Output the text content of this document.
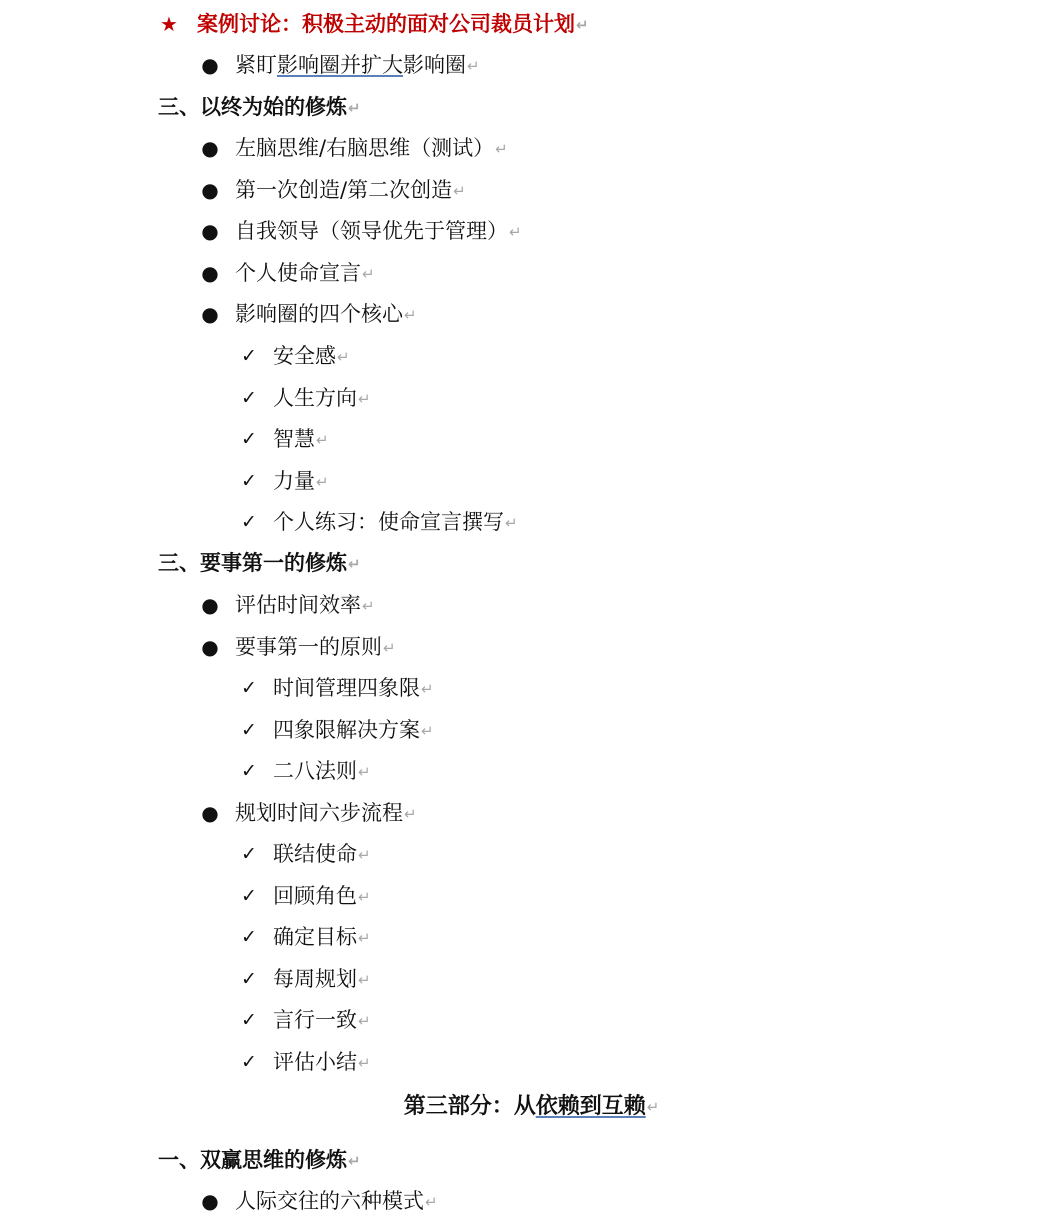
★ 案例讨论：积极主动的面对公司裁员计划↵
● 紧盯影响圈并扩大影响圈↵
三、以终为始的修炼↵
● 左脑思维/右脑思维（测试）↵
● 第一次创造/第二次创造↵
● 自我领导（领导优先于管理）↵
● 个人使命宣言↵
● 影响圈的四个核心↵
✓ 安全感↵
✓ 人生方向↵
✓ 智慧↵
✓ 力量↵
✓ 个人练习：使命宣言撰写↵
三、要事第一的修炼↵
● 评估时间效率↵
● 要事第一的原则↵
✓ 时间管理四象限↵
✓ 四象限解决方案↵
✓ 二八法则↵
● 规划时间六步流程↵
✓ 联结使命↵
✓ 回顾角色↵
✓ 确定目标↵
✓ 每周规划↵
✓ 言行一致↵
✓ 评估小结↵
第三部分：从依赖到互赖↵
一、双赢思维的修炼↵
● 人际交往的六种模式↵
